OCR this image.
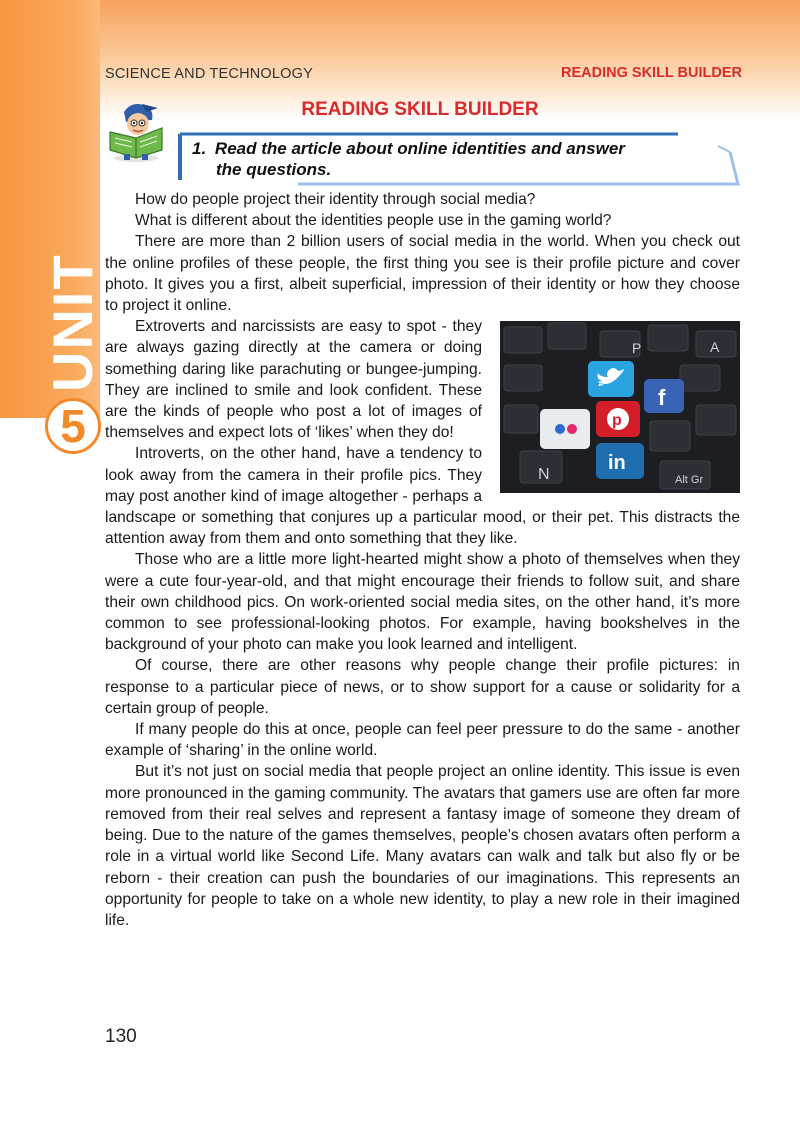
UNIT
5
SCIENCE AND TECHNOLOGY	READING SKILL BUILDER
READING SKILL BUILDER
1. Read the article about online identities and answer
the questions.

How do people project their identity through social media?

What is different about the identities people use in the gaming world?

There are more than 2 billion users of social media in the world. When you check out the online profiles of these people, the first thing you see is their profile picture and cover photo. It gives you a first, albeit superficial, impression of their identity or how they choose to project it online.

P	A
N	Alt Gr
f
p
in

Extroverts and narcissists are easy to spot - they are always gazing directly at the camera or doing something daring like parachuting or bungee-jumping. They are inclined to smile and look confident. These are the kinds of people who post a lot of images of themselves and expect lots of ‘likes’ when they do!

Introverts, on the other hand, have a tendency to look away from the camera in their profile pics. They may post another kind of image altogether - perhaps a landscape or something that conjures up a particular mood, or their pet. This distracts the attention away from them and onto something that they like.

Those who are a little more light-hearted might show a photo of themselves when they were a cute four-year-old, and that might encourage their friends to follow suit, and share their own childhood pics. On work-oriented social media sites, on the other hand, it’s more common to see professional-looking photos. For example, having bookshelves in the background of your photo can make you look learned and intelligent.

Of course, there are other reasons why people change their profile pictures: in response to a particular piece of news, or to show support for a cause or solidarity for a certain group of people.

If many people do this at once, people can feel peer pressure to do the same - another example of ‘sharing’ in the online world.

But it’s not just on social media that people project an online identity. This issue is even more pronounced in the gaming community. The avatars that gamers use are often far more removed from their real selves and represent a fantasy image of someone they dream of being. Due to the nature of the games themselves, people’s chosen avatars often perform a role in a virtual world like Second Life. Many avatars can walk and talk but also fly or be reborn - their creation can push the boundaries of our imaginations. This represents an opportunity for people to take on a whole new identity, to play a new role in their imagined life.

130
